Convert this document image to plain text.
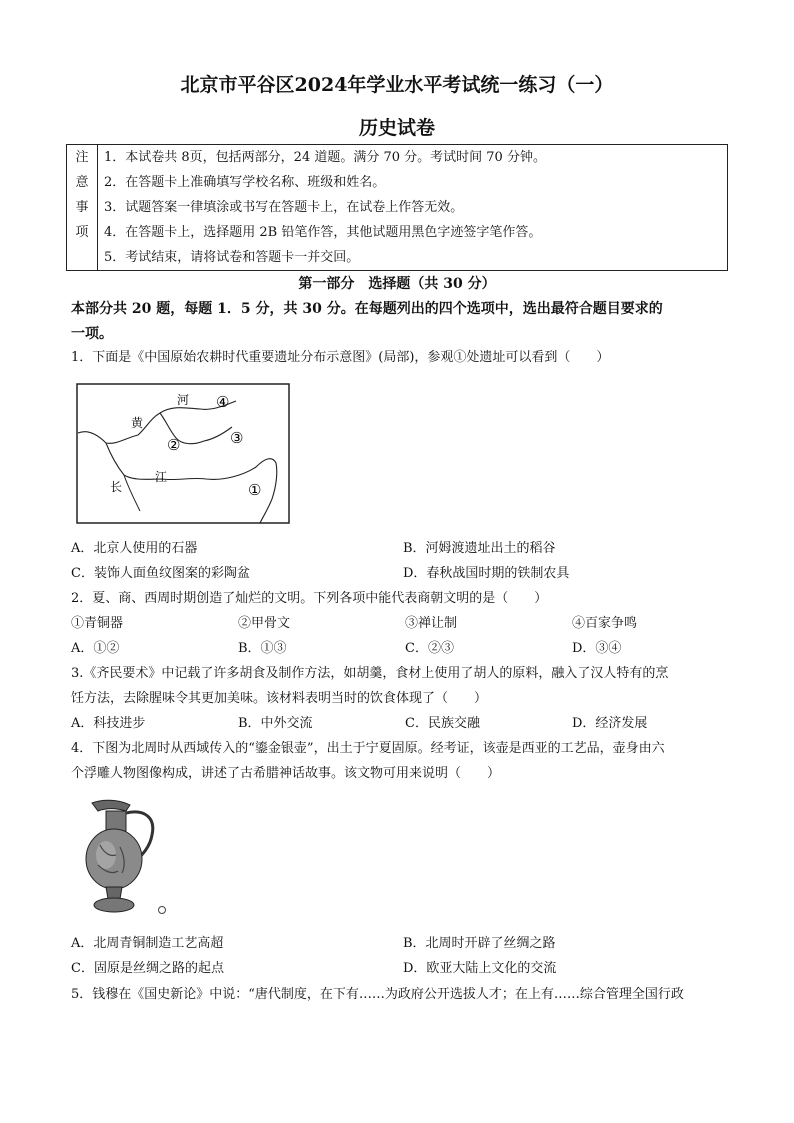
北京市平谷区2024年学业水平考试统一练习（一）
历史试卷
注
意
事
项

1．本试卷共 8页，包括两部分，24 道题。满分 70 分。考试时间 70 分钟。
2．在答题卡上准确填写学校名称、班级和姓名。
3．试题答案一律填涂或书写在答题卡上，在试卷上作答无效。
4．在答题卡上，选择题用 2B 铅笔作答，其他试题用黑色字迹签字笔作答。
5．考试结束，请将试卷和答题卡一并交回。
第一部分　选择题（共 30 分）
本部分共 20 题，每题 1．5 分，共 30 分。在每题列出的四个选项中，选出最符合题目要求的
一项。
1．下面是《中国原始农耕时代重要遗址分布示意图》(局部)，参观①处遗址可以看到（　　）
黄
河
长
江
①
②	③
④
A．北京人使用的石器	B．河姆渡遗址出土的稻谷
C．装饰人面鱼纹图案的彩陶盆	D．春秋战国时期的铁制农具
2．夏、商、西周时期创造了灿烂的文明。下列各项中能代表商朝文明的是（　　）
①青铜器	②甲骨文	③禅让制	④百家争鸣
A．①②	B．①③	C．②③	D．③④
3.《齐民要术》中记载了许多胡食及制作方法，如胡羹，食材上使用了胡人的原料，融入了汉人特有的烹
饪方法，去除腥味令其更加美味。该材料表明当时的饮食体现了（　　）
A．科技进步	B．中外交流	C．民族交融	D．经济发展
4．下图为北周时从西域传入的“鎏金银壶”，出土于宁夏固原。经考证，该壶是西亚的工艺品，壶身由六
个浮雕人物图像构成，讲述了古希腊神话故事。该文物可用来说明（　　）
A．北周青铜制造工艺高超	B．北周时开辟了丝绸之路
C．固原是丝绸之路的起点	D．欧亚大陆上文化的交流
5．钱穆在《国史新论》中说：“唐代制度，在下有……为政府公开选拔人才；在上有……综合管理全国行政
